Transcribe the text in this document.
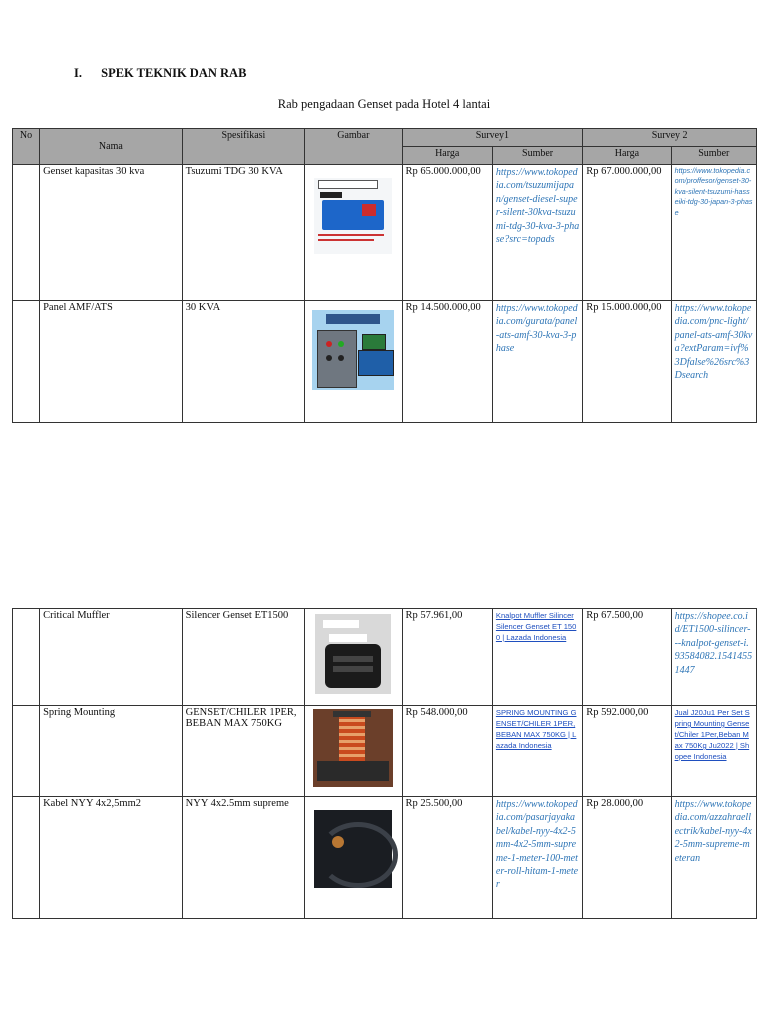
I. SPEK TEKNIK DAN RAB
Rab pengadaan Genset pada Hotel 4 lantai
No	Nama	Spesifikasi	Gambar	Survey1		Survey 2	
				Harga	Sumber	Harga	Sumber
	Genset kapasitas 30 kva	Tsuzumi TDG 30 KVA		Rp 65.000.000,00	https://www.tokopedia.com/tsuzumijapan/genset-diesel-super-silent-30kva-tsuzumi-tdg-30-kva-3-phase?src=topads	Rp 67.000.000,00	https://www.tokopedia.com/proffesor/genset-30-kva-silent-tsuzumi-hasseiki-tdg-30-japan-3-phase
	Panel AMF/ATS	30 KVA		Rp 14.500.000,00	https://www.tokopedia.com/gurata/panel-ats-amf-30-kva-3-phase	Rp 15.000.000,00	https://www.tokopedia.com/pnc-light/panel-ats-amf-30kva?extParam=ivf%3Dfalse%26src%3Dsearch
	Critical Muffler	Silencer Genset ET1500		Rp 57.961,00	Knalpot Muffler Silincer Silencer Genset ET 1500 | Lazada Indonesia	Rp 67.500,00	https://shopee.co.id/ET1500-silincer---knalpot-genset-i.93584082.15414551447
	Spring Mounting	GENSET/CHILER 1PER, BEBAN MAX 750KG		Rp 548.000,00	SPRING MOUNTING GENSET/CHILER 1PER, BEBAN MAX 750KG | Lazada Indonesia	Rp 592.000,00	Jual J20Ju1 Per Set Spring Mounting Genset/Chiler 1Per,Beban Max 750Kg Ju2022 | Shopee Indonesia
	Kabel NYY 4x2,5mm2	NYY 4x2.5mm supreme		Rp 25.500,00	https://www.tokopedia.com/pasarjayakabel/kabel-nyy-4x2-5mm-4x2-5mm-supreme-1-meter-100-meter-roll-hitam-1-meter	Rp 28.000,00	https://www.tokopedia.com/azzahraellectrik/kabel-nyy-4x2-5mm-supreme-meteran
